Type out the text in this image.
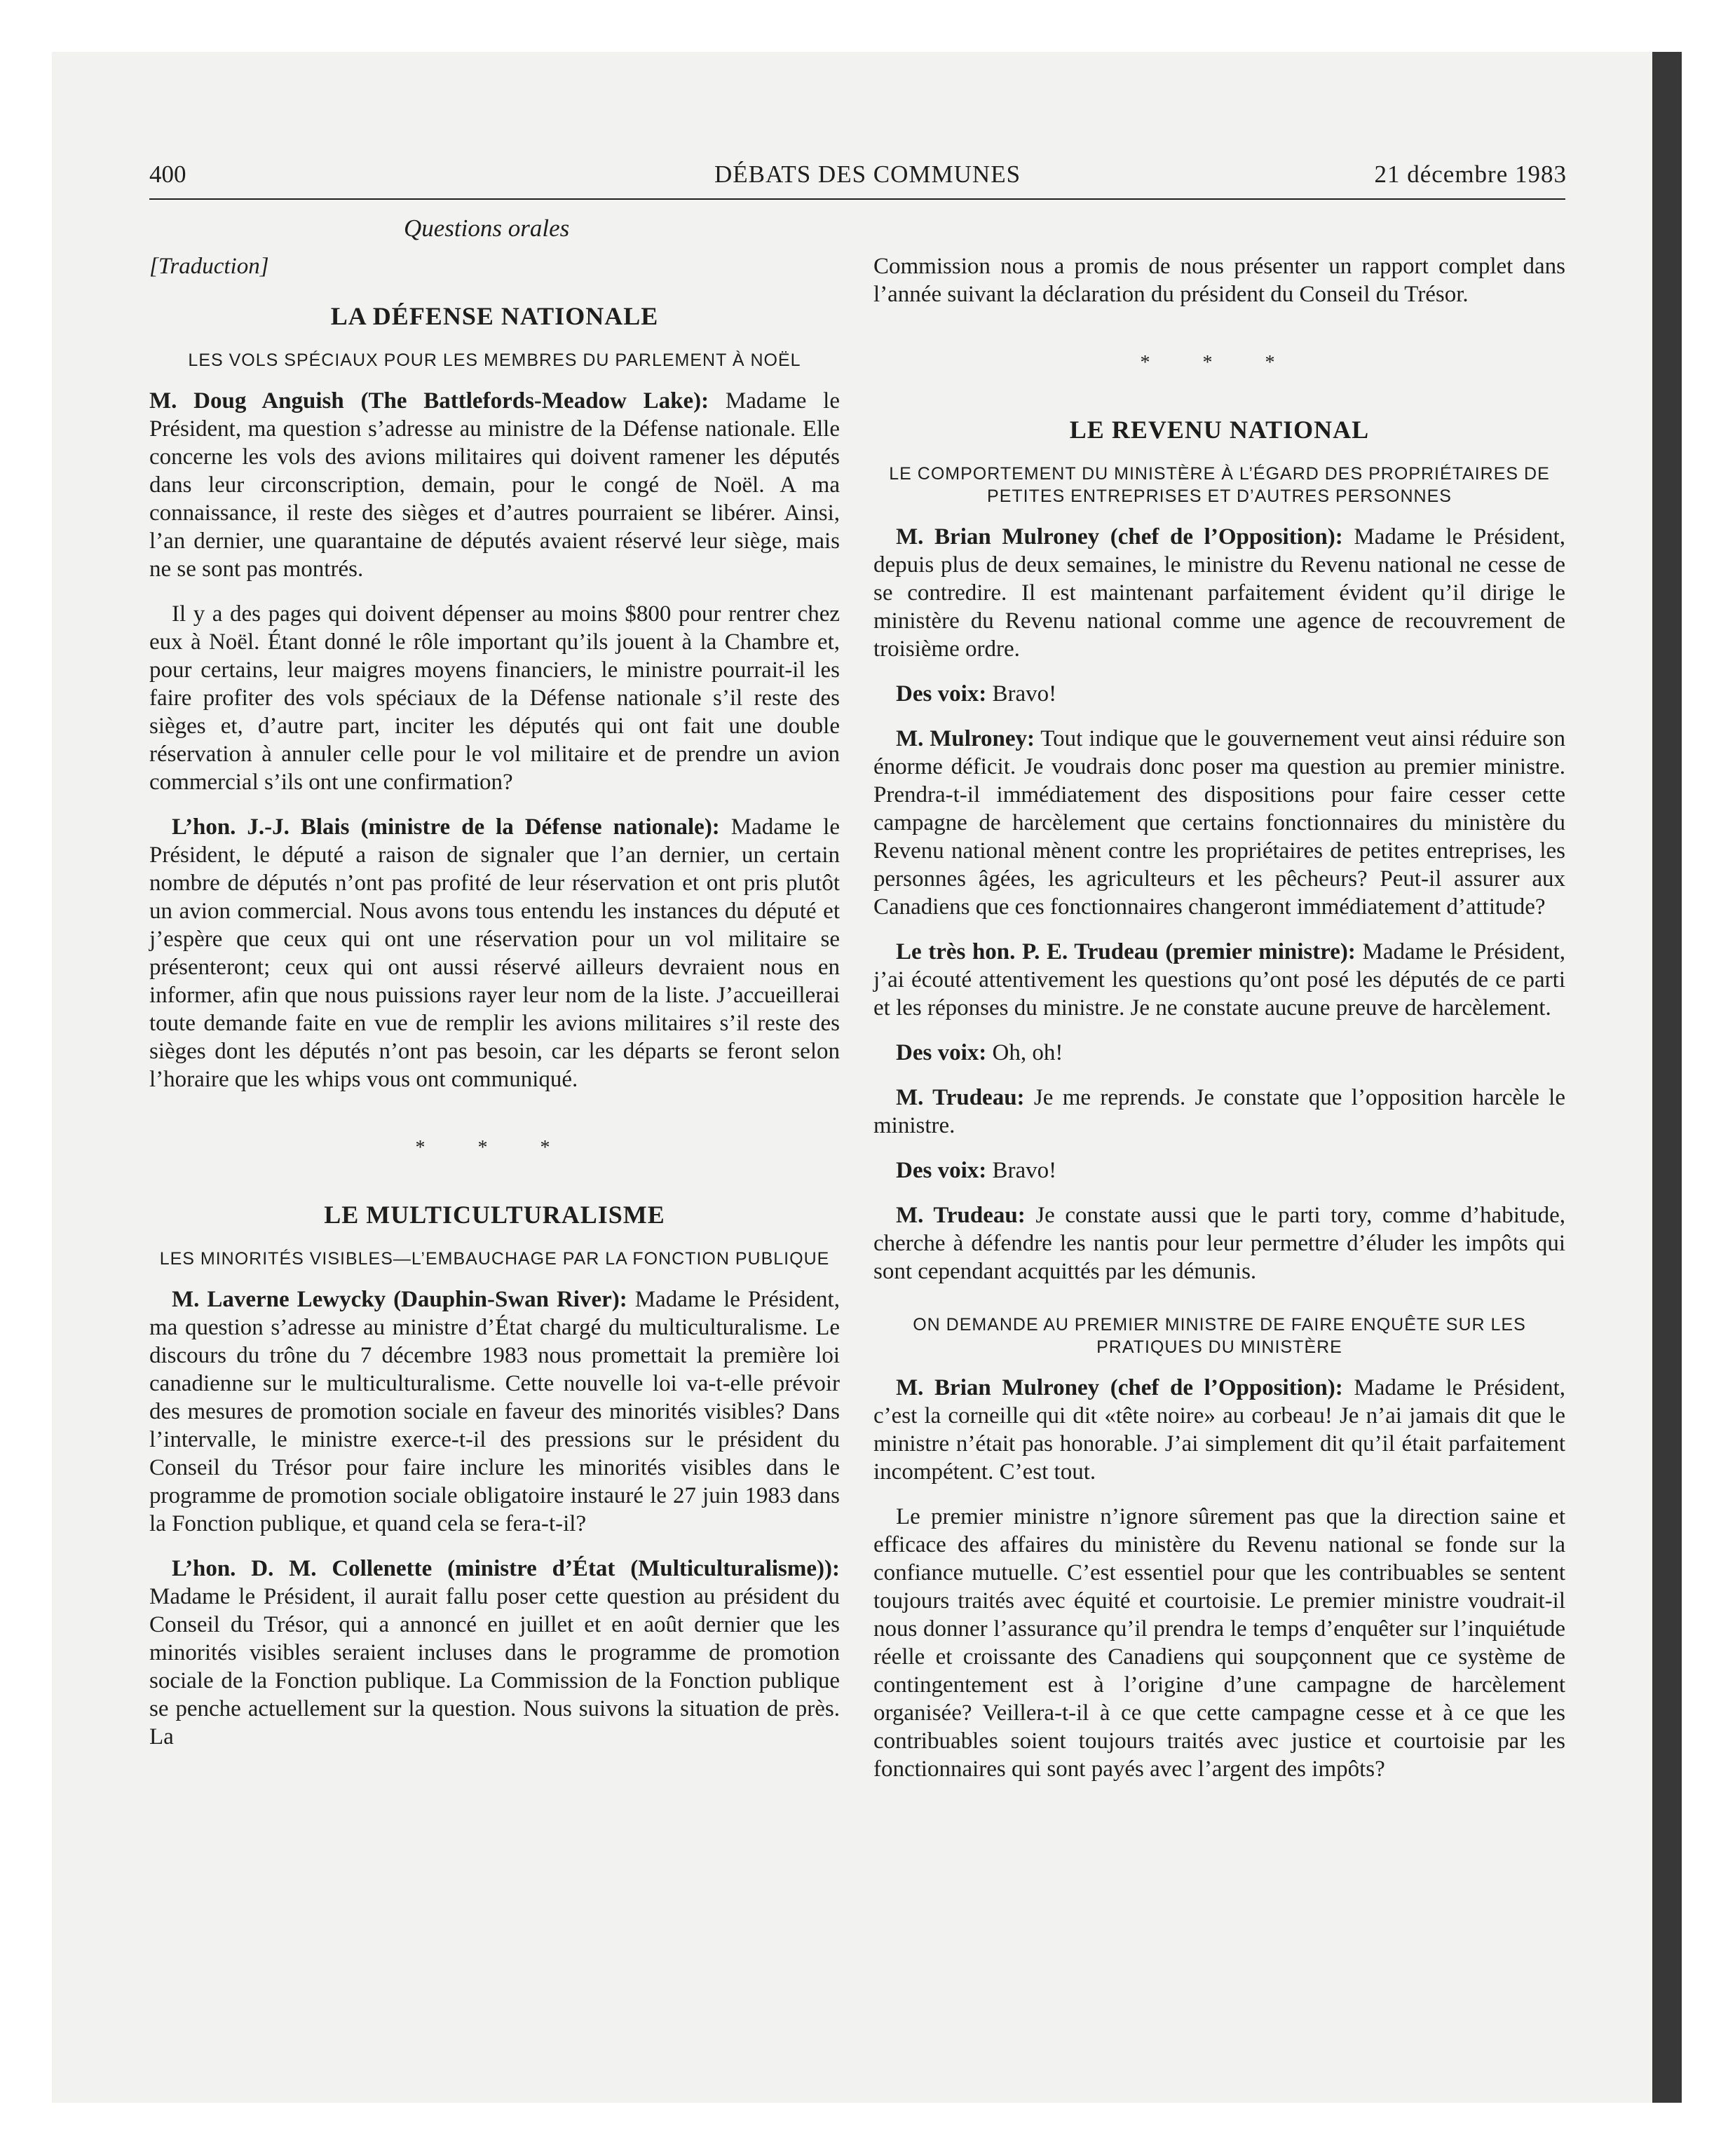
400	DÉBATS DES COMMUNES	21 décembre 1983
Questions orales
[Traduction]
LA DÉFENSE NATIONALE
LES VOLS SPÉCIAUX POUR LES MEMBRES DU PARLEMENT À NOËL

M. Doug Anguish (The Battlefords-Meadow Lake): Madame le Président, ma question s’adresse au ministre de la Défense nationale. Elle concerne les vols des avions militaires qui doivent ramener les députés dans leur circonscription, demain, pour le congé de Noël. A ma connaissance, il reste des sièges et d’autres pourraient se libérer. Ainsi, l’an dernier, une quarantaine de députés avaient réservé leur siège, mais ne se sont pas montrés.

Il y a des pages qui doivent dépenser au moins $800 pour rentrer chez eux à Noël. Étant donné le rôle important qu’ils jouent à la Chambre et, pour certains, leur maigres moyens financiers, le ministre pourrait-il les faire profiter des vols spéciaux de la Défense nationale s’il reste des sièges et, d’autre part, inciter les députés qui ont fait une double réservation à annuler celle pour le vol militaire et de prendre un avion commercial s’ils ont une confirmation?

L’hon. J.-J. Blais (ministre de la Défense nationale): Madame le Président, le député a raison de signaler que l’an dernier, un certain nombre de députés n’ont pas profité de leur réservation et ont pris plutôt un avion commercial. Nous avons tous entendu les instances du député et j’espère que ceux qui ont une réservation pour un vol militaire se présenteront; ceux qui ont aussi réservé ailleurs devraient nous en informer, afin que nous puissions rayer leur nom de la liste. J’accueillerai toute demande faite en vue de remplir les avions militaires s’il reste des sièges dont les députés n’ont pas besoin, car les départs se feront selon l’horaire que les whips vous ont communiqué.

* * *
LE MULTICULTURALISME
LES MINORITÉS VISIBLES—L’EMBAUCHAGE PAR LA FONCTION PUBLIQUE

M. Laverne Lewycky (Dauphin-Swan River): Madame le Président, ma question s’adresse au ministre d’État chargé du multiculturalisme. Le discours du trône du 7 décembre 1983 nous promettait la première loi canadienne sur le multiculturalisme. Cette nouvelle loi va-t-elle prévoir des mesures de promotion sociale en faveur des minorités visibles? Dans l’intervalle, le ministre exerce-t-il des pressions sur le président du Conseil du Trésor pour faire inclure les minorités visibles dans le programme de promotion sociale obligatoire instauré le 27 juin 1983 dans la Fonction publique, et quand cela se fera-t-il?

L’hon. D. M. Collenette (ministre d’État (Multiculturalisme)): Madame le Président, il aurait fallu poser cette question au président du Conseil du Trésor, qui a annoncé en juillet et en août dernier que les minorités visibles seraient incluses dans le programme de promotion sociale de la Fonction publique. La Commission de la Fonction publique se penche actuellement sur la question. Nous suivons la situation de près. La

Commission nous a promis de nous présenter un rapport complet dans l’année suivant la déclaration du président du Conseil du Trésor.

* * *
LE REVENU NATIONAL
LE COMPORTEMENT DU MINISTÈRE À L’ÉGARD DES PROPRIÉTAIRES DE PETITES ENTREPRISES ET D’AUTRES PERSONNES

M. Brian Mulroney (chef de l’Opposition): Madame le Président, depuis plus de deux semaines, le ministre du Revenu national ne cesse de se contredire. Il est maintenant parfaitement évident qu’il dirige le ministère du Revenu national comme une agence de recouvrement de troisième ordre.

Des voix: Bravo!

M. Mulroney: Tout indique que le gouvernement veut ainsi réduire son énorme déficit. Je voudrais donc poser ma question au premier ministre. Prendra-t-il immédiatement des dispositions pour faire cesser cette campagne de harcèlement que certains fonctionnaires du ministère du Revenu national mènent contre les propriétaires de petites entreprises, les personnes âgées, les agriculteurs et les pêcheurs? Peut-il assurer aux Canadiens que ces fonctionnaires changeront immédiatement d’attitude?

Le très hon. P. E. Trudeau (premier ministre): Madame le Président, j’ai écouté attentivement les questions qu’ont posé les députés de ce parti et les réponses du ministre. Je ne constate aucune preuve de harcèlement.

Des voix: Oh, oh!

M. Trudeau: Je me reprends. Je constate que l’opposition harcèle le ministre.

Des voix: Bravo!

M. Trudeau: Je constate aussi que le parti tory, comme d’habitude, cherche à défendre les nantis pour leur permettre d’éluder les impôts qui sont cependant acquittés par les démunis.

ON DEMANDE AU PREMIER MINISTRE DE FAIRE ENQUÊTE SUR LES PRATIQUES DU MINISTÈRE

M. Brian Mulroney (chef de l’Opposition): Madame le Président, c’est la corneille qui dit «tête noire» au corbeau! Je n’ai jamais dit que le ministre n’était pas honorable. J’ai simplement dit qu’il était parfaitement incompétent. C’est tout.

Le premier ministre n’ignore sûrement pas que la direction saine et efficace des affaires du ministère du Revenu national se fonde sur la confiance mutuelle. C’est essentiel pour que les contribuables se sentent toujours traités avec équité et courtoisie. Le premier ministre voudrait-il nous donner l’assurance qu’il prendra le temps d’enquêter sur l’inquiétude réelle et croissante des Canadiens qui soupçonnent que ce système de contingentement est à l’origine d’une campagne de harcèlement organisée? Veillera-t-il à ce que cette campagne cesse et à ce que les contribuables soient toujours traités avec justice et courtoisie par les fonctionnaires qui sont payés avec l’argent des impôts?
